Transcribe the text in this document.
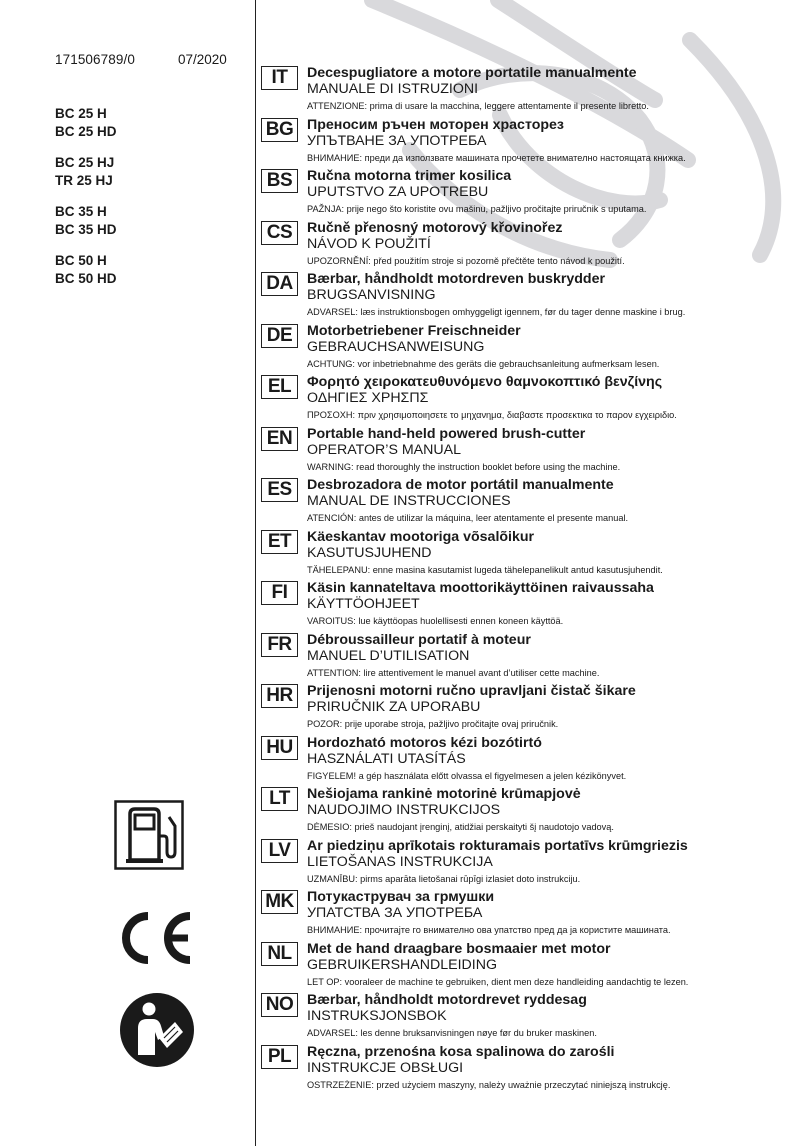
171506789/0	07/2020
BC 25 H
BC 25 HD
BC 25 HJ
TR 25 HJ
BC 35 H
BC 35 HD
BC 50 H
BC 50 HD
IT	Decespugliatore a motore portatile manualmente
MANUALE DI ISTRUZIONI
ATTENZIONE: prima di usare la macchina, leggere attentamente il presente libretto.
BG Преносим ръчен моторен храсторез
УПЪТВАНЕ ЗА УПОТРЕБА
ВНИМАНИЕ: преди да използвате машината прочетете внимателно настоящата книжка.
BS	Ručna motorna trimer kosilica
UPUTSTVO ZA UPOTREBU
PAŽNJA: prije nego što koristite ovu mašinu, pažljivo pročitajte priručnik s uputama.
CS	Ručně přenosný motorový křovinořez
NÁVOD K POUŽITÍ
UPOZORNĚNÍ: před použitím stroje si pozorně přečtěte tento návod k použití.
DA	Bærbar, håndholdt motordreven buskrydder
BRUGSANVISNING
ADVARSEL: læs instruktionsbogen omhyggeligt igennem, før du tager denne maskine i brug.
DE	Motorbetriebener Freischneider
GEBRAUCHSANWEISUNG
ACHTUNG: vor inbetriebnahme des geräts die gebrauchsanleitung aufmerksam lesen.
EL	Φορητό χειροκατευθυνόμενο θαμνοκοπτικό βενζίνης
ΟΔΗΓΙΕΣ ΧΡΗΣΠΣ
ΠΡΟΣΟΧΗ: πριν χρησιμοποιησετε το μηχανημα, διαβαστε προσεκτικα το παρον εγχειριδιο.
EN	Portable hand-held powered brush-cutter
OPERATOR’S MANUAL
WARNING: read thoroughly the instruction booklet before using the machine.
ES	Desbrozadora de motor portátil manualmente
MANUAL DE INSTRUCCIONES
ATENCIÓN: antes de utilizar la máquina, leer atentamente el presente manual.
ET	Käeskantav mootoriga võsalõikur
KASUTUSJUHEND
TÄHELEPANU: enne masina kasutamist lugeda tähelepanelikult antud kasutusjuhendit.
FI	Käsin kannateltava moottorikäyttöinen raivaussaha
KÄYTTÖOHJEET
VAROITUS: lue käyttöopas huolellisesti ennen koneen käyttöä.
FR	Débroussailleur portatif à moteur
MANUEL D’UTILISATION
ATTENTION: lire attentivement le manuel avant d’utiliser cette machine.
HR	Prijenosni motorni ručno upravljani čistač šikare
PRIRUČNIK ZA UPORABU
POZOR: prije uporabe stroja, pažljivo pročitajte ovaj priručnik.
HU	Hordozható motoros kézi bozótirtó
HASZNÁLATI UTASÍTÁS
FIGYELEM! a gép használata előtt olvassa el figyelmesen a jelen kézikönyvet.
LT	Nešiojama rankinė motorinė krūmapjovė
NAUDOJIMO INSTRUKCIJOS
DĖMESIO: prieš naudojant įrenginį, atidžiai perskaityti šį naudotojo vadovą.
LV	Ar piedziņu aprīkotais rokturamais portatīvs krūmgriezis
LIETOŠANAS INSTRUKCIJA
UZMANĪBU: pirms aparāta lietošanai rūpīgi izlasiet doto instrukciju.
MK Потукаструвач за грмушки
УПАТСТВА ЗА УПОТРЕБА
ВНИМАНИЕ: прочитајте го внимателно ова упатство пред да ја користите машината.
NL	Met de hand draagbare bosmaaier met motor
GEBRUIKERSHANDLEIDING
LET OP: vooraleer de machine te gebruiken, dient men deze handleiding aandachtig te lezen.
NO Bærbar, håndholdt motordrevet ryddesag
INSTRUKSJONSBOK
ADVARSEL: les denne bruksanvisningen nøye før du bruker maskinen.
PL	Ręczna, przenośna kosa spalinowa do zarośli
INSTRUKCJE OBSŁUGI
OSTRZEŻENIE: przed użyciem maszyny, należy uważnie przeczytać niniejszą instrukcję.
